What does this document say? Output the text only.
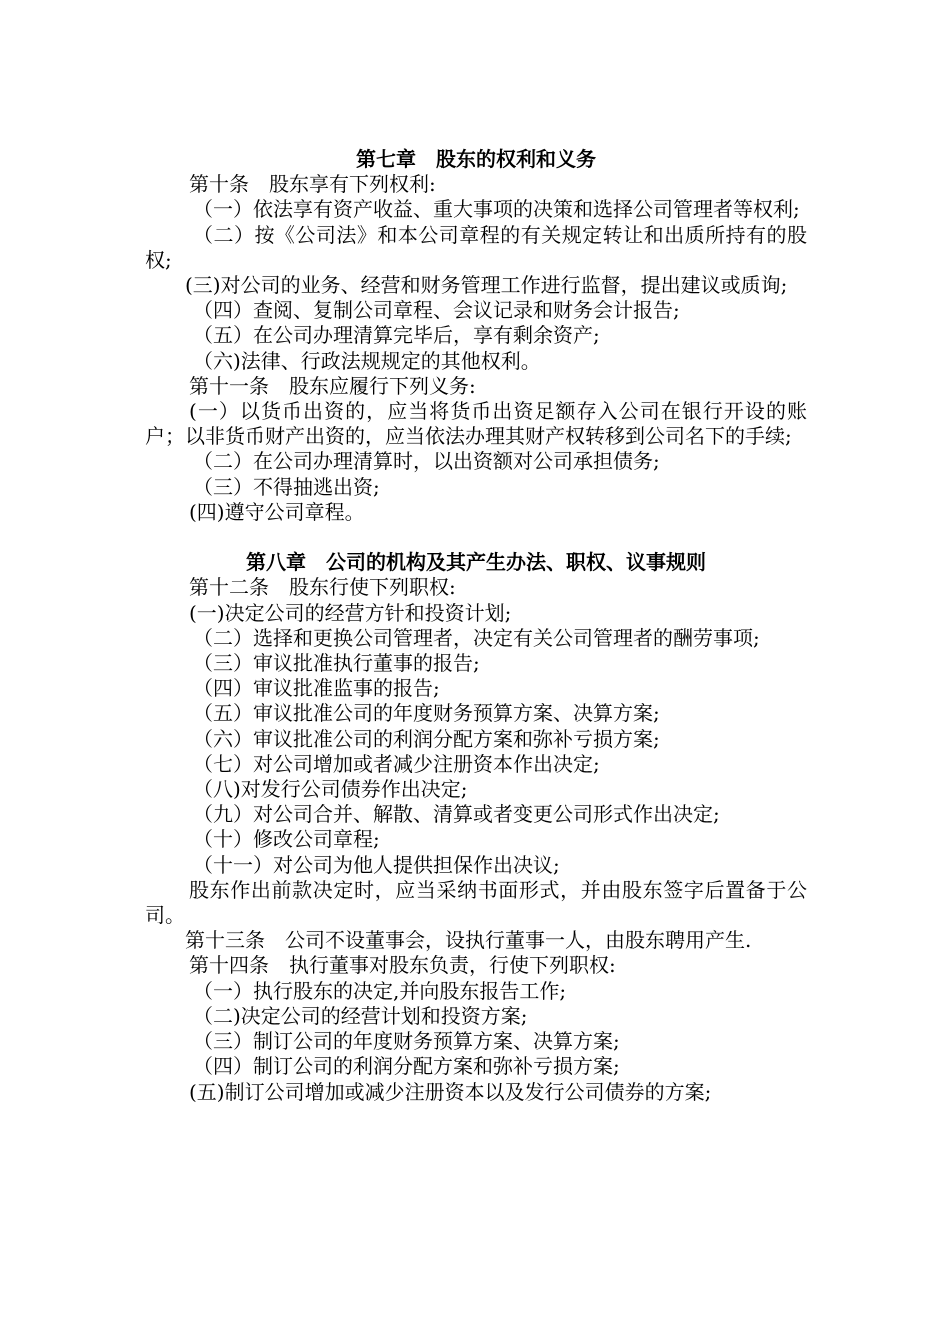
第七章　股东的权利和义务

第十条　股东享有下列权利:

（一）依法享有资产收益、重大事项的决策和选择公司管理者等权利;

（二）按《公司法》和本公司章程的有关规定转让和出质所持有的股权;

(三)对公司的业务、经营和财务管理工作进行监督，提出建议或质询;

（四）查阅、复制公司章程、会议记录和财务会计报告;

（五）在公司办理清算完毕后，享有剩余资产;

（六)法律、行政法规规定的其他权利。

第十一条　股东应履行下列义务:

(一）以货币出资的，应当将货币出资足额存入公司在银行开设的账户；以非货币财产出资的，应当依法办理其财产权转移到公司名下的手续;

（二）在公司办理清算时，以出资额对公司承担债务;

（三）不得抽逃出资;

(四)遵守公司章程。

第八章　公司的机构及其产生办法、职权、议事规则

第十二条　股东行使下列职权:

(一)决定公司的经营方针和投资计划;

（二）选择和更换公司管理者，决定有关公司管理者的酬劳事项;

（三）审议批准执行董事的报告;

（四）审议批准监事的报告;

（五）审议批准公司的年度财务预算方案、决算方案;

（六）审议批准公司的利润分配方案和弥补亏损方案;

（七）对公司增加或者减少注册资本作出决定;

（八)对发行公司债券作出决定;

（九）对公司合并、解散、清算或者变更公司形式作出决定;

（十）修改公司章程;

（十一）对公司为他人提供担保作出决议;

股东作出前款决定时，应当采纳书面形式，并由股东签字后置备于公司。

第十三条　公司不设董事会，设执行董事一人，由股东聘用产生.

第十四条　执行董事对股东负责，行使下列职权:

（一）执行股东的决定,并向股东报告工作;

（二)决定公司的经营计划和投资方案;

（三）制订公司的年度财务预算方案、决算方案;

（四）制订公司的利润分配方案和弥补亏损方案;

(五)制订公司增加或减少注册资本以及发行公司债券的方案;
